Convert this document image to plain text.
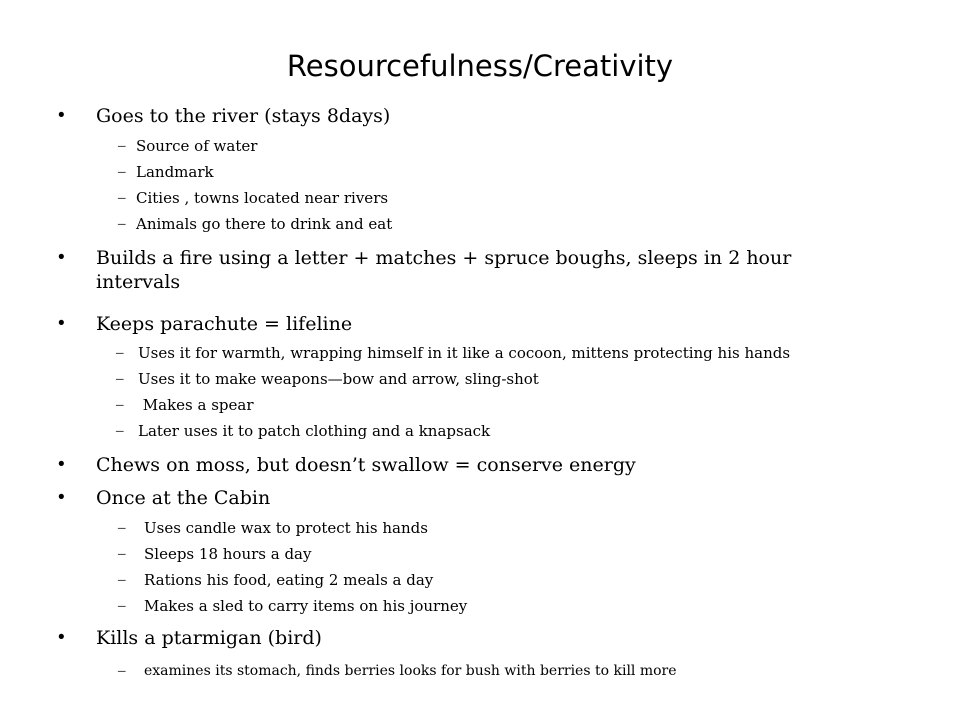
Resourcefulness/Creativity
• Goes to the river (stays 8days)
– Source of water
– Landmark
– Cities , towns located near rivers
– Animals go there to drink and eat
• Builds a fire using a letter + matches + spruce boughs, sleeps in 2 hour intervals
• Keeps parachute = lifeline
– Uses it for warmth, wrapping himself in it like a cocoon, mittens protecting his hands
– Uses it to make weapons—bow and arrow, sling-shot
– Makes a spear
– Later uses it to patch clothing and a knapsack
• Chews on moss, but doesn’t swallow = conserve energy
• Once at the Cabin
– Uses candle wax to protect his hands
– Sleeps 18 hours a day
– Rations his food, eating 2 meals a day
– Makes a sled to carry items on his journey
• Kills a ptarmigan (bird)
– examines its stomach, finds berries looks for bush with berries to kill more
